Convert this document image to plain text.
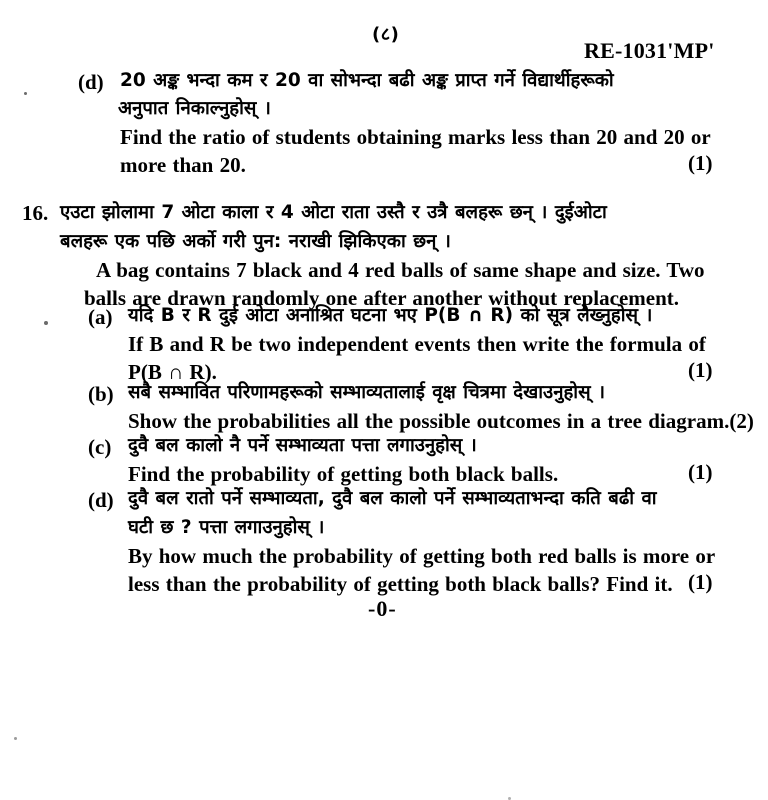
(८)
RE-1031'MP'
(d) 20 अङ्क भन्दा कम र 20 वा सोभन्दा बढी अङ्क प्राप्त गर्ने विद्यार्थीहरूको
अनुपात निकाल्नुहोस् ।
Find the ratio of students obtaining marks less than 20 and 20 or
more than 20.	(1)
16. एउटा झोलामा 7 ओटा काला र 4 ओटा राता उस्तै र उत्रै बलहरू छन् । दुईओटा
बलहरू एक पछि अर्को गरी पुन: नराखी झिकिएका छन् ।
A bag contains 7 black and 4 red balls of same shape and size. Two
balls are drawn randomly one after another without replacement.
(a) यदि B र R दुई ओटा अनाश्रित घटना भए P(B ∩ R) को सूत्र लेख्नुहोस् ।
If B and R be two independent events then write the formula of
P(B ∩ R).	(1)
(b) सबै सम्भावित परिणामहरूको सम्भाव्यतालाई वृक्ष चित्रमा देखाउनुहोस् ।
Show the probabilities all the possible outcomes in a tree diagram.(2)
(c) दुवै बल कालो नै पर्ने सम्भाव्यता पत्ता लगाउनुहोस् ।
Find the probability of getting both black balls.	(1)
(d) दुवै बल रातो पर्ने सम्भाव्यता, दुवै बल कालो पर्ने सम्भाव्यताभन्दा कति बढी वा
घटी छ ? पत्ता लगाउनुहोस् ।
By how much the probability of getting both red balls is more or
less than the probability of getting both black balls? Find it. (1)
-0-
